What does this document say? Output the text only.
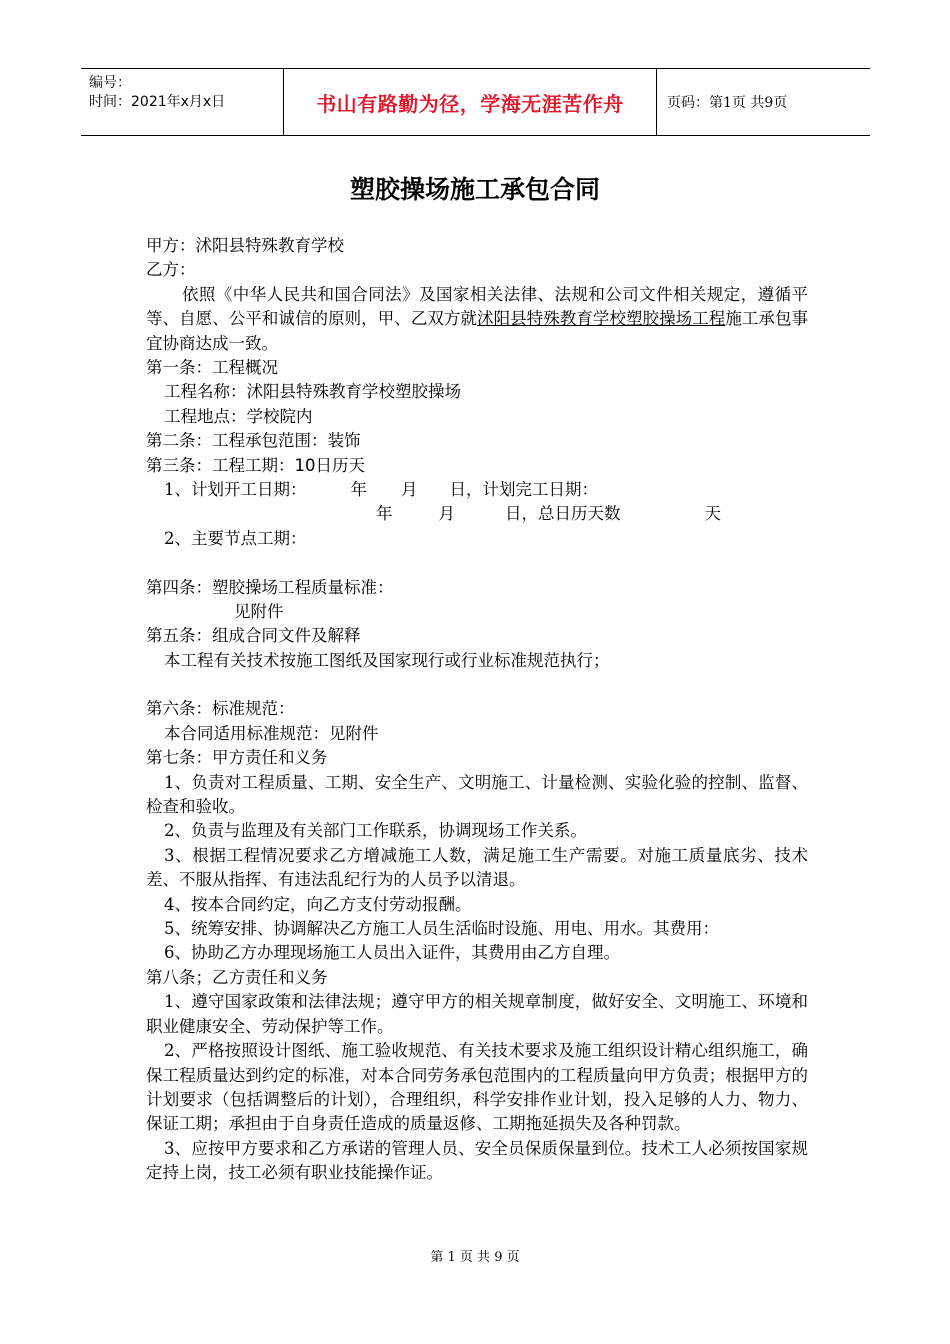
编号：
时间：2021年x月x日	书山有路勤为径，学海无涯苦作舟	页码：第1页 共9页
塑胶操场施工承包合同
甲方：沭阳县特殊教育学校
乙方：
依照《中华人民共和国合同法》及国家相关法律、法规和公司文件相关规定，遵循平等、自愿、公平和诚信的原则，甲、乙双方就沭阳县特殊教育学校塑胶操场工程施工承包事宜协商达成一致。
第一条：工程概况
工程名称：沭阳县特殊教育学校塑胶操场
工程地点：学校院内
第二条：工程承包范围：装饰
第三条：工程工期：10日历天
1、计划开工日期：	年 月 日，计划完工日期：
年	月	日，总日历天数	天
2、主要节点工期：
第四条：塑胶操场工程质量标准：
见附件
第五条：组成合同文件及解释
本工程有关技术按施工图纸及国家现行或行业标准规范执行；
第六条：标准规范：
本合同适用标准规范：见附件
第七条：甲方责任和义务
1、负责对工程质量、工期、安全生产、文明施工、计量检测、实验化验的控制、监督、检查和验收。
2、负责与监理及有关部门工作联系，协调现场工作关系。
3、根据工程情况要求乙方增减施工人数，满足施工生产需要。对施工质量底劣、技术差、不服从指挥、有违法乱纪行为的人员予以清退。
4、按本合同约定，向乙方支付劳动报酬。
5、统筹安排、协调解决乙方施工人员生活临时设施、用电、用水。其费用：
6、协助乙方办理现场施工人员出入证件，其费用由乙方自理。
第八条；乙方责任和义务
1、遵守国家政策和法律法规；遵守甲方的相关规章制度，做好安全、文明施工、环境和职业健康安全、劳动保护等工作。
2、严格按照设计图纸、施工验收规范、有关技术要求及施工组织设计精心组织施工，确保工程质量达到约定的标准，对本合同劳务承包范围内的工程质量向甲方负责；根据甲方的计划要求（包括调整后的计划），合理组织，科学安排作业计划，投入足够的人力、物力、保证工期；承担由于自身责任造成的质量返修、工期拖延损失及各种罚款。
3、应按甲方要求和乙方承诺的管理人员、安全员保质保量到位。技术工人必须按国家规定持上岗，技工必须有职业技能操作证。
第 1 页 共 9 页
